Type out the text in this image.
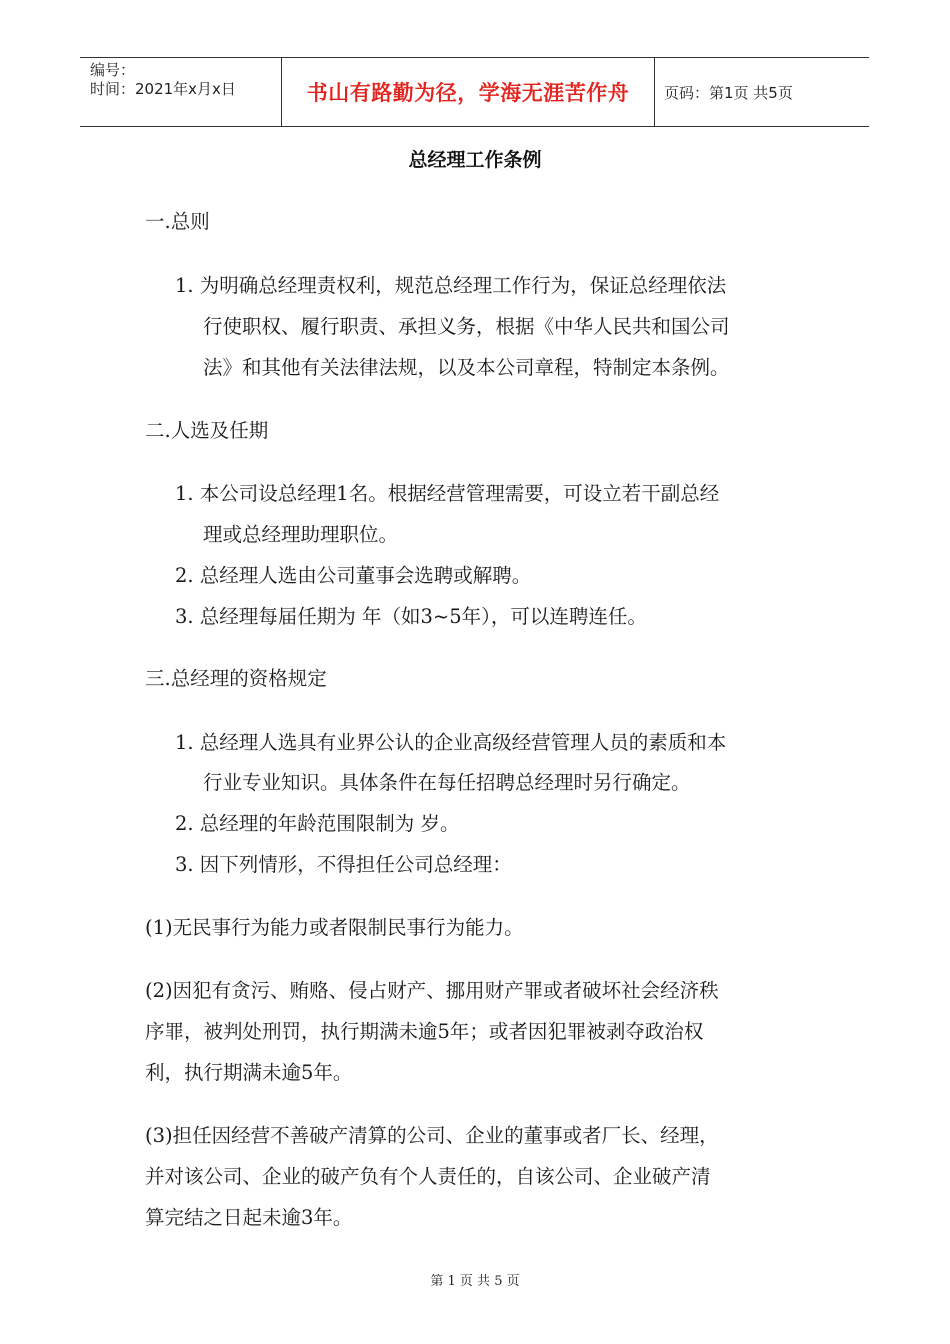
编号：
时间：2021年x月x日	书山有路勤为径，学海无涯苦作舟	页码：第1页 共5页
总经理工作条例
一.总则
1. 为明确总经理责权利，规范总经理工作行为，保证总经理依法
行使职权、履行职责、承担义务，根据《中华人民共和国公司
法》和其他有关法律法规，以及本公司章程，特制定本条例。
二.人选及任期
1. 本公司设总经理1名。根据经营管理需要，可设立若干副总经
理或总经理助理职位。
2. 总经理人选由公司董事会选聘或解聘。
3. 总经理每届任期为 年（如3~5年），可以连聘连任。
三.总经理的资格规定
1. 总经理人选具有业界公认的企业高级经营管理人员的素质和本
行业专业知识。具体条件在每任招聘总经理时另行确定。
2. 总经理的年龄范围限制为 岁。
3. 因下列情形，不得担任公司总经理：
(1)无民事行为能力或者限制民事行为能力。
(2)因犯有贪污、贿赂、侵占财产、挪用财产罪或者破坏社会经济秩
序罪，被判处刑罚，执行期满未逾5年；或者因犯罪被剥夺政治权
利，执行期满未逾5年。
(3)担任因经营不善破产清算的公司、企业的董事或者厂长、经理，
并对该公司、企业的破产负有个人责任的，自该公司、企业破产清
算完结之日起未逾3年。
第 1 页 共 5 页
